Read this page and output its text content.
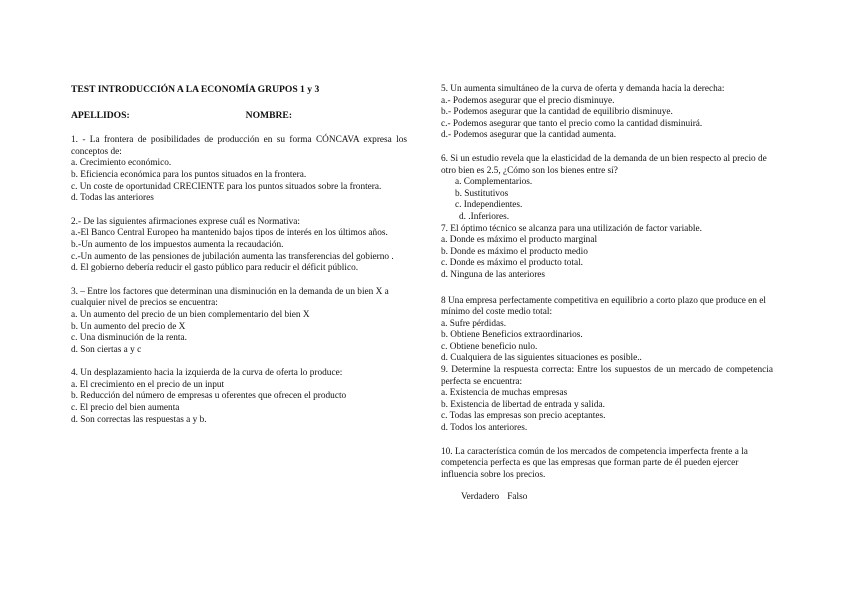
TEST INTRODUCCIÓN A LA ECONOMÍA GRUPOS 1 y 3
APELLIDOS:	NOMBRE:

1. - La frontera de posibilidades de producción en su forma CÓNCAVA expresa los conceptos de:

a. Crecimiento económico.

b. Eficiencia económica para los puntos situados en la frontera.

c. Un coste de oportunidad CRECIENTE para los puntos situados sobre la frontera.

d. Todas las anteriores

2.- De las siguientes afirmaciones exprese cuál es Normativa:

a.-El Banco Central Europeo ha mantenido bajos tipos de interés en los últimos años.

b.-Un aumento de los impuestos aumenta la recaudación.

c.-Un aumento de las pensiones de jubilación aumenta las transferencias del gobierno .

d. El gobierno debería reducir el gasto público para reducir el déficit público.

3. – Entre los factores que determinan una disminución en la demanda de un bien X a cualquier nivel de precios se encuentra:

a. Un aumento del precio de un bien complementario del bien X

b. Un aumento del precio de X

c. Una disminución de la renta.

d. Son ciertas a y c

4. Un desplazamiento hacia la izquierda de la curva de oferta lo produce:

a. El crecimiento en el precio de un input

b. Reducción del número de empresas u oferentes que ofrecen el producto

c. El precio del bien aumenta

d. Son correctas las respuestas a y b.

5. Un aumenta simultáneo de la curva de oferta y demanda hacia la derecha:

a.- Podemos asegurar que el precio disminuye.

b.- Podemos asegurar que la cantidad de equilibrio disminuye.

c.- Podemos asegurar que tanto el precio como la cantidad disminuirá.

d.- Podemos asegurar que la cantidad aumenta.

6. Si un estudio revela que la elasticidad de la demanda de un bien respecto al precio de otro bien es 2.5, ¿Cómo son los bienes entre sí?

a. Complementarios.

b. Sustitutivos

c. Independientes.

d. .Inferiores.

7. El óptimo técnico se alcanza para una utilización de factor variable.

a. Donde es máximo el producto marginal

b. Donde es máximo el producto medio

c. Donde es máximo el producto total.

d. Ninguna de las anteriores

8 Una empresa perfectamente competitiva en equilibrio a corto plazo que produce en el mínimo del coste medio total:

a. Sufre pérdidas.

b. Obtiene Beneficios extraordinarios.

c. Obtiene beneficio nulo.

d. Cualquiera de las siguientes situaciones es posible..

9. Determine la respuesta correcta: Entre los supuestos de un mercado de competencia perfecta se encuentra:

a. Existencia de muchas empresas

b. Existencia de libertad de entrada y salida.

c. Todas las empresas son precio aceptantes.

d. Todos los anteriores.

10. La característica común de los mercados de competencia imperfecta frente a la competencia perfecta es que las empresas que forman parte de él pueden ejercer influencia sobre los precios.

Verdadero Falso
